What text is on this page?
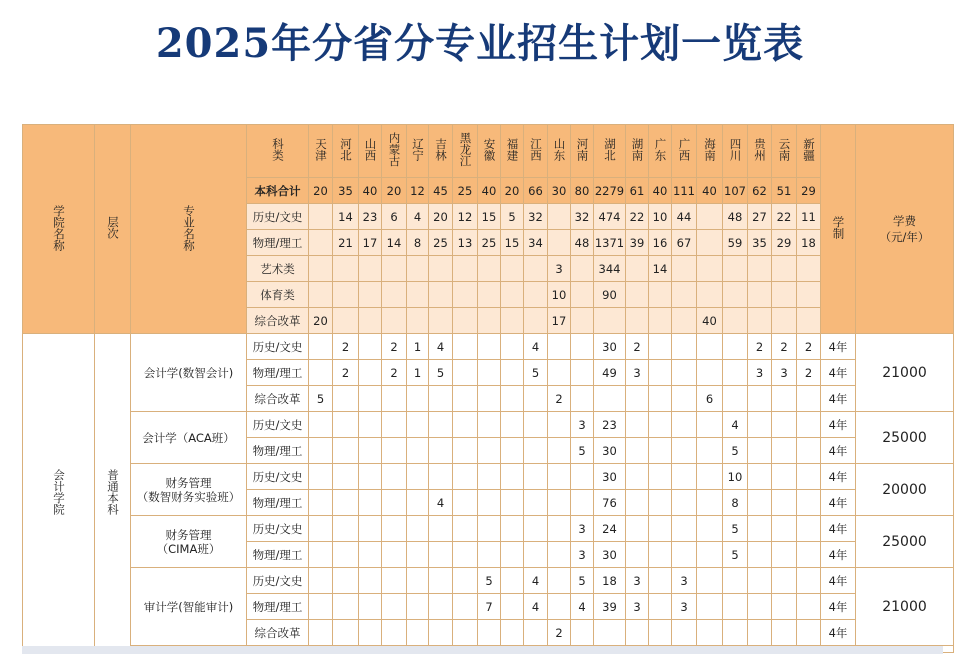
2025年分省分专业招生计划一览表
学院名称	层次	专业名称	科类	天津	河北	山西	内蒙古	辽宁	吉林	黑龙江	安徽	福建	江西	山东	河南	湖北	湖南	广东	广西	海南	四川	贵州	云南	新疆	学制	学费
（元/年）
			本科合计	20	35	40	20	12	45	25	40	20	66	30	80	2279	61	40	111	40	107	62	51	29		
			历史/文史		14	23	6	4	20	12	15	5	32		32	474	22	10	44		48	27	22	11		
			物理/理工		21	17	14	8	25	13	25	15	34		48	1371	39	16	67		59	35	29	18		
			艺术类											3		344		14								
			体育类											10		90										
			综合改革	20										17						40						
会计学院	普通本科	会计学(数智会计)	历史/文史		2		2	1	4				4			30	2					2	2	2	4年	21000
			物理/理工		2		2	1	5				5			49	3					3	3	2	4年	
			综合改革	5										2						6					4年	
		会计学（ACA班）	历史/文史												3	23					4				4年	25000
			物理/理工												5	30					5				4年	
		财务管理
（数智财务实验班）	历史/文史													30					10				4年	20000
			物理/理工						4							76					8				4年	
		财务管理
（CIMA班）	历史/文史												3	24					5				4年	25000
			物理/理工												3	30					5				4年	
		审计学(智能审计)	历史/文史								5		4		5	18	3		3						4年	21000
			物理/理工								7		4		4	39	3		3						4年	
			综合改革											2											4年	
